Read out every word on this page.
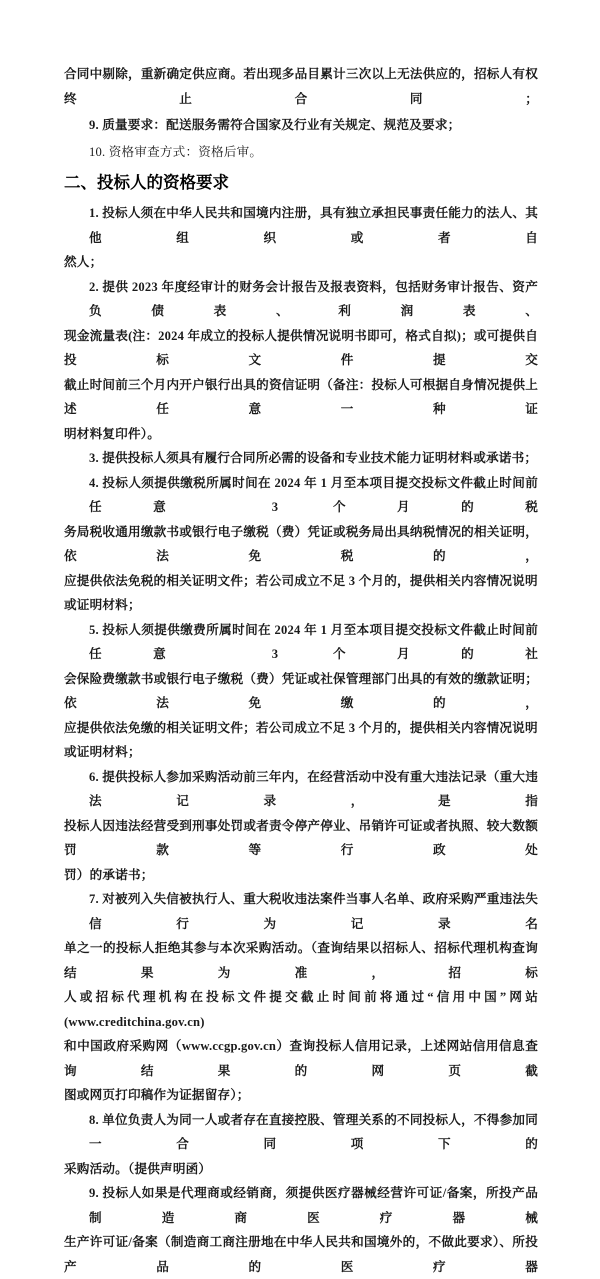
合同中剔除，重新确定供应商。若出现多品目累计三次以上无法供应的，招标人有权终止合同；
9. 质量要求：配送服务需符合国家及行业有关规定、规范及要求；
10. 资格审查方式：资格后审。
二、投标人的资格要求
1. 投标人须在中华人民共和国境内注册，具有独立承担民事责任能力的法人、其他组织或者自
然人；
2. 提供 2023 年度经审计的财务会计报告及报表资料，包括财务审计报告、资产负债表、利润表、
现金流量表(注：2024 年成立的投标人提供情况说明书即可，格式自拟)；或可提供自投标文件提交
截止时间前三个月内开户银行出具的资信证明（备注：投标人可根据自身情况提供上述任意一种证
明材料复印件）。
3. 提供投标人须具有履行合同所必需的设备和专业技术能力证明材料或承诺书；
4. 投标人须提供缴税所属时间在 2024 年 1 月至本项目提交投标文件截止时间前任意 3 个月的税
务局税收通用缴款书或银行电子缴税（费）凭证或税务局出具纳税情况的相关证明，依法免税的，
应提供依法免税的相关证明文件；若公司成立不足 3 个月的，提供相关内容情况说明或证明材料；
5. 投标人须提供缴费所属时间在 2024 年 1 月至本项目提交投标文件截止时间前任意 3 个月的社
会保险费缴款书或银行电子缴税（费）凭证或社保管理部门出具的有效的缴款证明；依法免缴的，
应提供依法免缴的相关证明文件；若公司成立不足 3 个月的，提供相关内容情况说明或证明材料；
6. 提供投标人参加采购活动前三年内，在经营活动中没有重大违法记录（重大违法记录，是指
投标人因违法经营受到刑事处罚或者责令停产停业、吊销许可证或者执照、较大数额罚款等行政处
罚）的承诺书；
7. 对被列入失信被执行人、重大税收违法案件当事人名单、政府采购严重违法失信行为记录名
单之一的投标人拒绝其参与本次采购活动。（查询结果以招标人、招标代理机构查询结果为准，招标
人或招标代理机构在投标文件提交截止时间前将通过“信用中国”网站(www.creditchina.gov.cn)
和中国政府采购网（www.ccgp.gov.cn）查询投标人信用记录，上述网站信用信息查询结果的网页截
图或网页打印稿作为证据留存）；
8. 单位负责人为同一人或者存在直接控股、管理关系的不同投标人，不得参加同一合同项下的
采购活动。（提供声明函）
9. 投标人如果是代理商或经销商，须提供医疗器械经营许可证/备案，所投产品制造商医疗器械
生产许可证/备案（制造商工商注册地在中华人民共和国境外的，不做此要求）、所投产品的医疗器
